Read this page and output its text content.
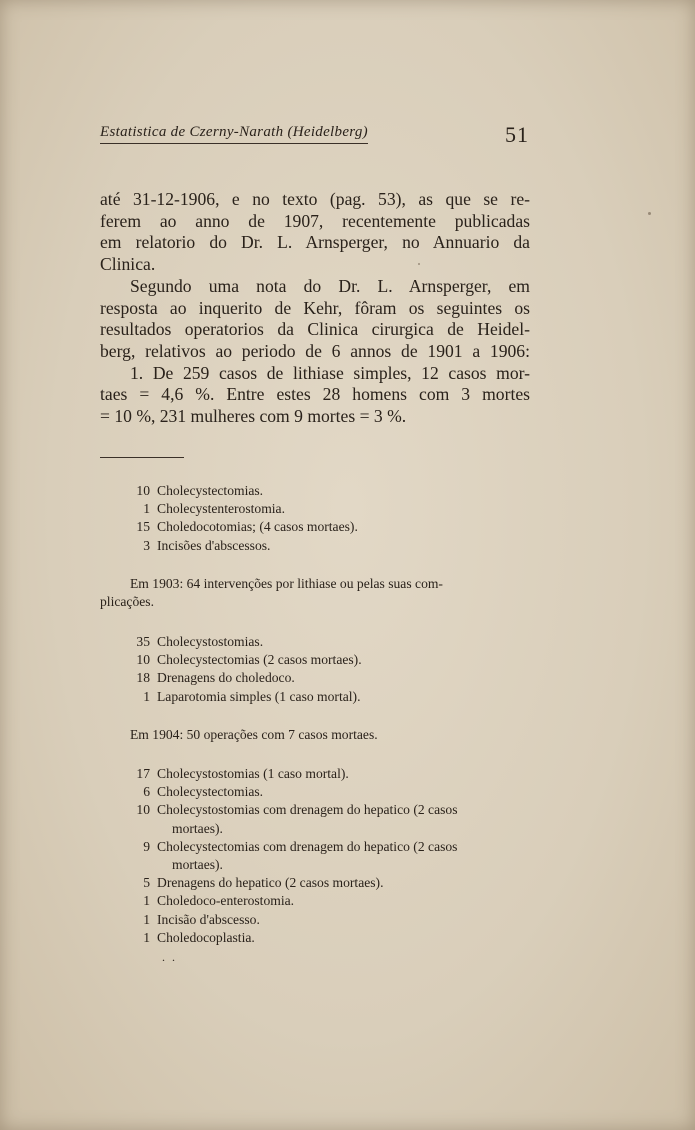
Estatistica de Czerny-Narath (Heidelberg)	51
até 31-12-1906, e no texto (pag. 53), as que se re-
ferem ao anno de 1907, recentemente publicadas
em relatorio do Dr. L. Arnsperger, no Annuario da
Clinica.
Segundo uma nota do Dr. L. Arnsperger, em
resposta ao inquerito de Kehr, fôram os seguintes os
resultados operatorios da Clinica cirurgica de Heidel-
berg, relativos ao periodo de 6 annos de 1901 a 1906:
1. De 259 casos de lithiase simples, 12 casos mor-
taes = 4,6 %. Entre estes 28 homens com 3 mortes
= 10 %, 231 mulheres com 9 mortes = 3 %.
10 Cholecystectomias.
1 Cholecystenterostomia.
15 Choledocotomias; (4 casos mortaes).
3 Incisões d'abscessos.
Em 1903: 64 intervenções por lithiase ou pelas suas com-
plicações.
35 Cholecystostomias.
10 Cholecystectomias (2 casos mortaes).
18 Drenagens do choledoco.
1 Laparotomia simples (1 caso mortal).
Em 1904: 50 operações com 7 casos mortaes.
17 Cholecystostomias (1 caso mortal).
6 Cholecystectomias.
10 Cholecystostomias com drenagem do hepatico (2 casos
mortaes).
9 Cholecystectomias com drenagem do hepatico (2 casos
mortaes).
5 Drenagens do hepatico (2 casos mortaes).
1 Choledoco-enterostomia.
1 Incisão d'abscesso.
1 Choledocoplastia.
. .
